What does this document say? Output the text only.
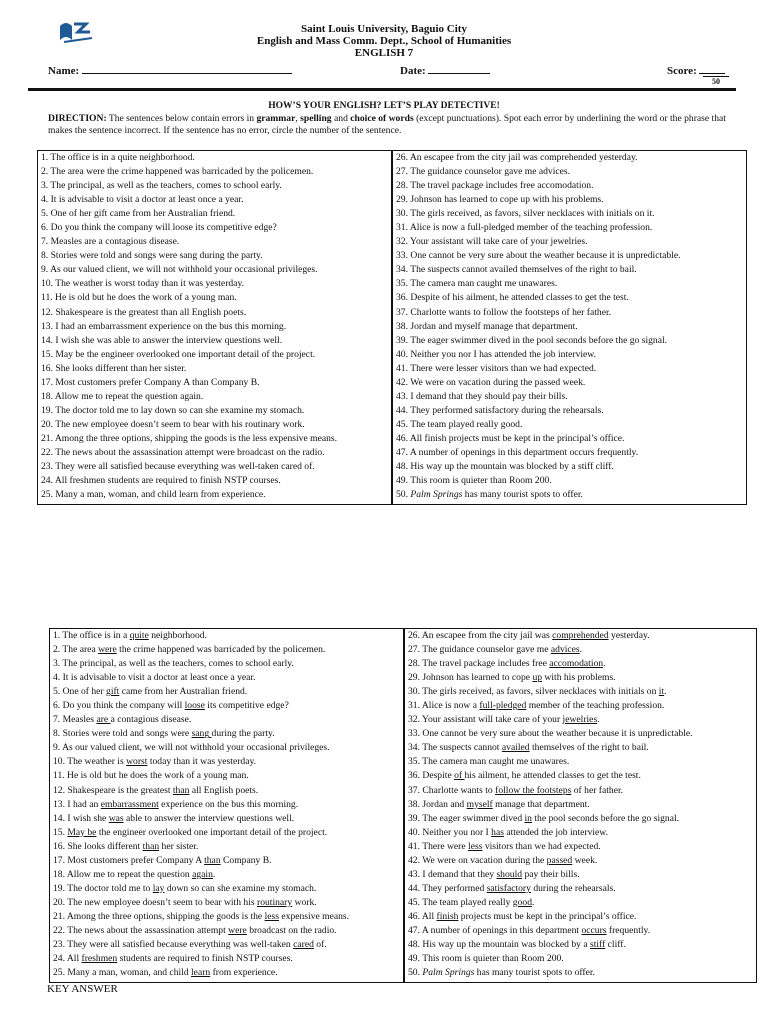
Saint Louis University, Baguio City
English and Mass Comm. Dept., School of Humanities
ENGLISH 7
Name:	Date:	Score:
50
HOW’S YOUR ENGLISH? LET’S PLAY DETECTIVE!
DIRECTION: The sentences below contain errors in grammar, spelling and choice of words (except punctuations). Spot each error by underlining the word or the phrase that makes the sentence incorrect. If the sentence has no error, circle the number of the sentence.
1. The office is in a quite neighborhood.
2. The area were the crime happened was barricaded by the policemen.
3. The principal, as well as the teachers, comes to school early.
4. It is advisable to visit a doctor at least once a year.
5. One of her gift came from her Australian friend.
6. Do you think the company will loose its competitive edge?
7. Measles are a contagious disease.
8. Stories were told and songs were sang during the party.
9. As our valued client, we will not withhold your occasional privileges.
10. The weather is worst today than it was yesterday.
11. He is old but he does the work of a young man.
12. Shakespeare is the greatest than all English poets.
13. I had an embarrassment experience on the bus this morning.
14. I wish she was able to answer the interview questions well.
15. May be the engineer overlooked one important detail of the project.
16. She looks different than her sister.
17. Most customers prefer Company A than Company B.
18. Allow me to repeat the question again.
19. The doctor told me to lay down so can she examine my stomach.
20. The new employee doesn’t seem to bear with his routinary work.
21. Among the three options, shipping the goods is the less expensive means.
22. The news about the assassination attempt were broadcast on the radio.
23. They were all satisfied because everything was well-taken cared of.
24. All freshmen students are required to finish NSTP courses.
25. Many a man, woman, and child learn from experience.
26. An escapee from the city jail was comprehended yesterday.
27. The guidance counselor gave me advices.
28. The travel package includes free accomodation.
29. Johnson has learned to cope up with his problems.
30. The girls received, as favors, silver necklaces with initials on it.
31. Alice is now a full-pledged member of the teaching profession.
32. Your assistant will take care of your jewelries.
33. One cannot be very sure about the weather because it is unpredictable.
34. The suspects cannot availed themselves of the right to bail.
35. The camera man caught me unawares.
36. Despite of his ailment, he attended classes to get the test.
37. Charlotte wants to follow the footsteps of her father.
38. Jordan and myself manage that department.
39. The eager swimmer dived in the pool seconds before the go signal.
40. Neither you nor I has attended the job interview.
41. There were lesser visitors than we had expected.
42. We were on vacation during the passed week.
43. I demand that they should pay their bills.
44. They performed satisfactory during the rehearsals.
45. The team played really good.
46. All finish projects must be kept in the principal’s office.
47. A number of openings in this department occurs frequently.
48. His way up the mountain was blocked by a stiff cliff.
49. This room is quieter than Room 200.
50. Palm Springs has many tourist spots to offer.
1. The office is in a quite neighborhood.
2. The area were the crime happened was barricaded by the policemen.
3. The principal, as well as the teachers, comes to school early.
4. It is advisable to visit a doctor at least once a year.
5. One of her gift came from her Australian friend.
6. Do you think the company will loose its competitive edge?
7. Measles are a contagious disease.
8. Stories were told and songs were sang during the party.
9. As our valued client, we will not withhold your occasional privileges.
10. The weather is worst today than it was yesterday.
11. He is old but he does the work of a young man.
12. Shakespeare is the greatest than all English poets.
13. I had an embarrassment experience on the bus this morning.
14. I wish she was able to answer the interview questions well.
15. May be the engineer overlooked one important detail of the project.
16. She looks different than her sister.
17. Most customers prefer Company A than Company B.
18. Allow me to repeat the question again.
19. The doctor told me to lay down so can she examine my stomach.
20. The new employee doesn’t seem to bear with his routinary work.
21. Among the three options, shipping the goods is the less expensive means.
22. The news about the assassination attempt were broadcast on the radio.
23. They were all satisfied because everything was well-taken cared of.
24. All freshmen students are required to finish NSTP courses.
25. Many a man, woman, and child learn from experience.
26. An escapee from the city jail was comprehended yesterday.
27. The guidance counselor gave me advices.
28. The travel package includes free accomodation.
29. Johnson has learned to cope up with his problems.
30. The girls received, as favors, silver necklaces with initials on it.
31. Alice is now a full-pledged member of the teaching profession.
32. Your assistant will take care of your jewelries.
33. One cannot be very sure about the weather because it is unpredictable.
34. The suspects cannot availed themselves of the right to bail.
35. The camera man caught me unawares.
36. Despite of his ailment, he attended classes to get the test.
37. Charlotte wants to follow the footsteps of her father.
38. Jordan and myself manage that department.
39. The eager swimmer dived in the pool seconds before the go signal.
40. Neither you nor I has attended the job interview.
41. There were less visitors than we had expected.
42. We were on vacation during the passed week.
43. I demand that they should pay their bills.
44. They performed satisfactory during the rehearsals.
45. The team played really good.
46. All finish projects must be kept in the principal’s office.
47. A number of openings in this department occurs frequently.
48. His way up the mountain was blocked by a stiff cliff.
49. This room is quieter than Room 200.
50. Palm Springs has many tourist spots to offer.
KEY ANSWER
